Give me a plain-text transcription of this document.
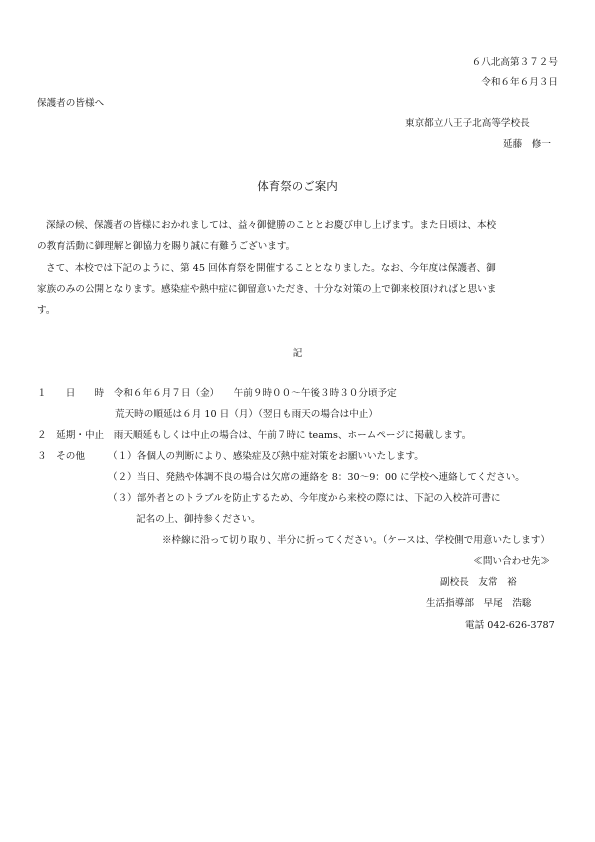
６八北高第３７２号
令和６年６月３日
保護者の皆様へ
東京都立八王子北高等学校長
延藤　修一
体育祭のご案内
深緑の候、保護者の皆様におかれましては、益々御健勝のこととお慶び申し上げます。また日頃は、本校
の教育活動に御理解と御協力を賜り誠に有難うございます。
さて、本校では下記のように、第 45 回体育祭を開催することとなりました。なお、今年度は保護者、御
家族のみの公開となります。感染症や熱中症に御留意いただき、十分な対策の上で御来校頂ければと思いま
す。
記
１　　日　　時　令和６年６月７日（金）　　午前９時００～午後３時３０分頃予定
荒天時の順延は６月 10 日（月）（翌日も雨天の場合は中止）
２　延期・中止　雨天順延もしくは中止の場合は、午前７時に teams、ホームページに掲載します。
３　その他 （１）各個人の判断により、感染症及び熱中症対策をお願いいたします。
（２）当日、発熱や体調不良の場合は欠席の連絡を 8：30～9：00 に学校へ連絡してください。
（３）部外者とのトラブルを防止するため、今年度から来校の際には、下記の入校許可書に
記名の上、御持参ください。
※枠線に沿って切り取り、半分に折ってください。（ケースは、学校側で用意いたします）
≪問い合わせ先≫
副校長　友常　裕
生活指導部　早尾　浩聡
電話 042-626-3787
